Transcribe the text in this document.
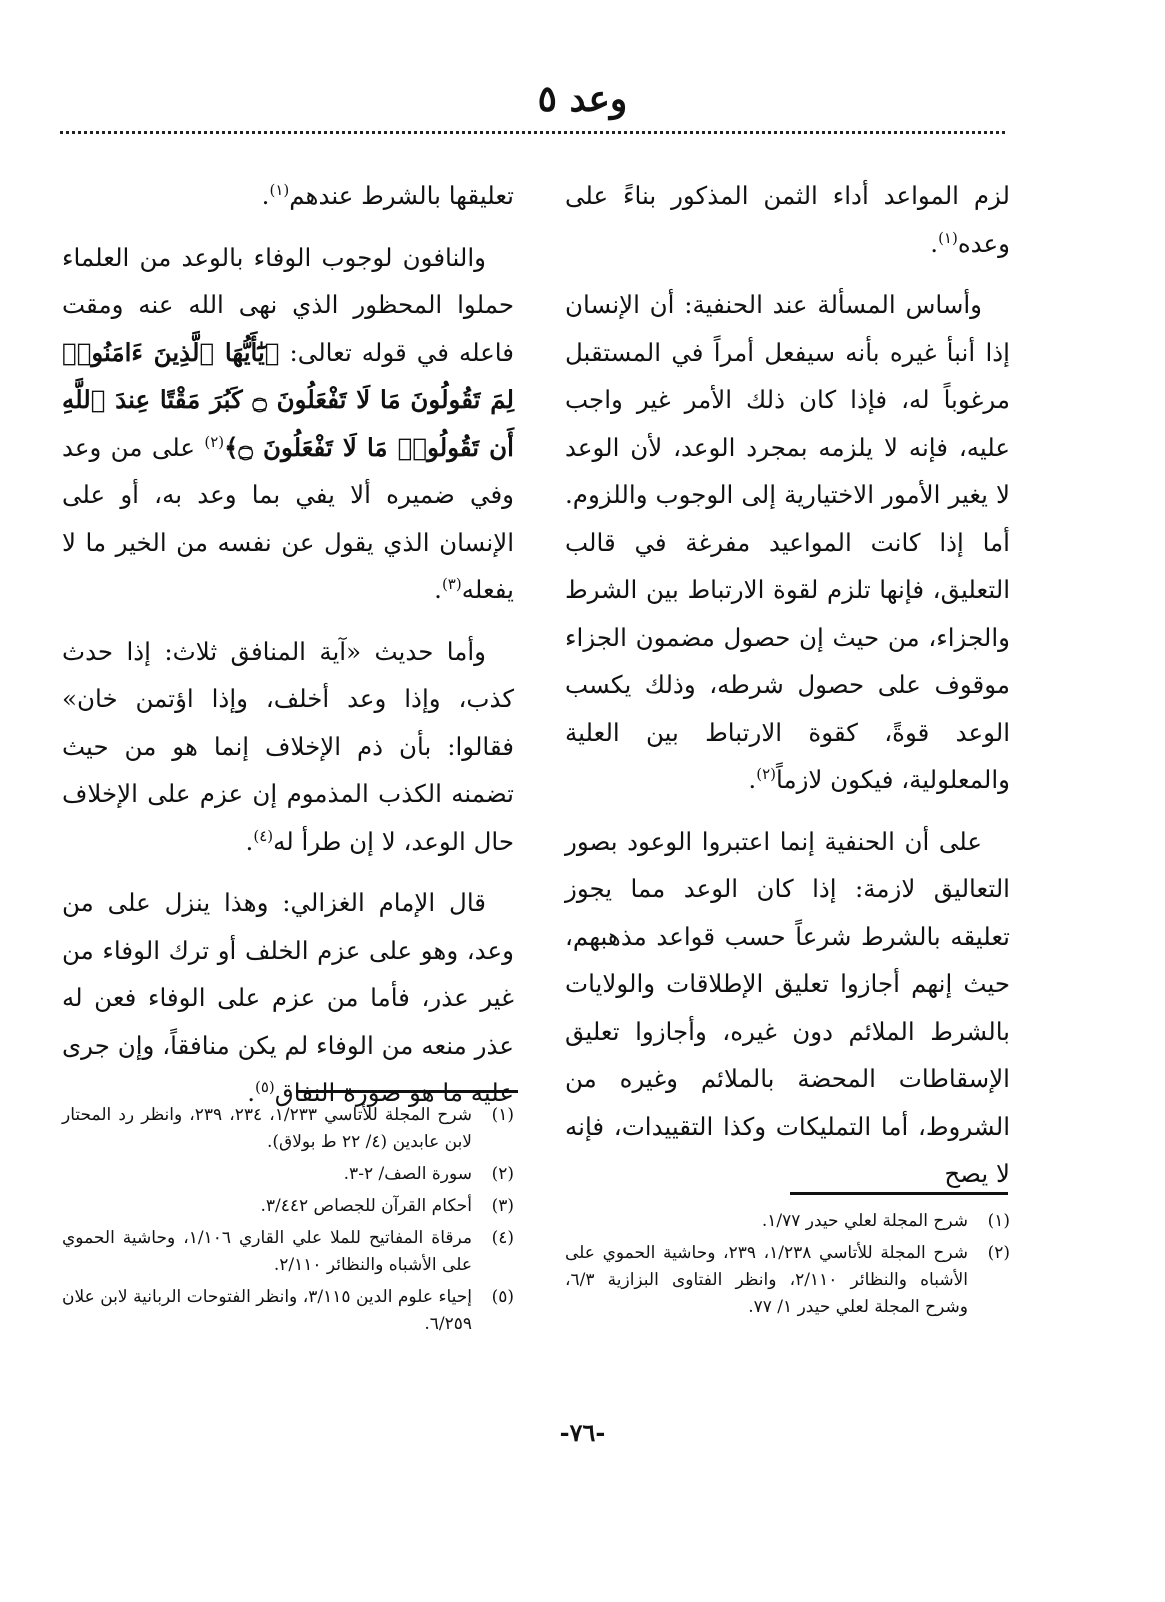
وعد ٥

لزم المواعد أداء الثمن المذكور بناءً على وعده$^{(١)}$.

وأساس المسألة عند الحنفية: أن الإنسان إذا أنبأ غيره بأنه سيفعل أمراً في المستقبل مرغوباً له، فإذا كان ذلك الأمر غير واجب عليه، فإنه لا يلزمه بمجرد الوعد، لأن الوعد لا يغير الأمور الاختيارية إلى الوجوب واللزوم. أما إذا كانت المواعيد مفرغة في قالب التعليق، فإنها تلزم لقوة الارتباط بين الشرط والجزاء، من حيث إن حصول مضمون الجزاء موقوف على حصول شرطه، وذلك يكسب الوعد قوةً، كقوة الارتباط بين العلية والمعلولية، فيكون لازماً$^{(٢)}$.

على أن الحنفية إنما اعتبروا الوعود بصور التعاليق لازمة: إذا كان الوعد مما يجوز تعليقه بالشرط شرعاً حسب قواعد مذهبهم، حيث إنهم أجازوا تعليق الإطلاقات والولايات بالشرط الملائم دون غيره، وأجازوا تعليق الإسقاطات المحضة بالملائم وغيره من الشروط، أما التمليكات وكذا التقييدات، فإنه لا يصح

تعليقها بالشرط عندهم$^{(١)}$.

والنافون لوجوب الوفاء بالوعد من العلماء حملوا المحظور الذي نهى الله عنه ومقت فاعله في قوله تعالى: ﴿يَٰٓأَيُّهَا ٱلَّذِينَ ءَامَنُوا۟ لِمَ تَقُولُونَ مَا لَا تَفْعَلُونَ ۝ كَبُرَ مَقْتًا عِندَ ٱللَّهِ أَن تَقُولُوا۟ مَا لَا تَفْعَلُونَ ۝﴾$^{(٢)}$ على من وعد وفي ضميره ألا يفي بما وعد به، أو على الإنسان الذي يقول عن نفسه من الخير ما لا يفعله$^{(٣)}$.

وأما حديث «آية المنافق ثلاث: إذا حدث كذب، وإذا وعد أخلف، وإذا اؤتمن خان» فقالوا: بأن ذم الإخلاف إنما هو من حيث تضمنه الكذب المذموم إن عزم على الإخلاف حال الوعد، لا إن طرأ له$^{(٤)}$.

قال الإمام الغزالي: وهذا ينزل على من وعد، وهو على عزم الخلف أو ترك الوفاء من غير عذر، فأما من عزم على الوفاء فعن له عذر منعه من الوفاء لم يكن منافقاً، وإن جرى عليه ما هو صورة النفاق$^{(٥)}$.

(١)
شرح المجلة لعلي حيدر ١/٧٧.
(٢)
شرح المجلة للأتاسي ١/٢٣٨، ٢٣٩، وحاشية الحموي على الأشباه والنظائر ٢/١١٠، وانظر الفتاوى البزازية ٦/٣، وشرح المجلة لعلي حيدر ١/ ٧٧.
(١)
شرح المجلة للأتاسي ١/٢٣٣، ٢٣٤، ٢٣٩، وانظر رد المحتار لابن عابدين (٤/ ٢٢ ط بولاق).
(٢)
سورة الصف/ ٢-٣.
(٣)
أحكام القرآن للجصاص ٣/٤٤٢.
(٤)
مرقاة المفاتيح للملا علي القاري ١/١٠٦، وحاشية الحموي على الأشباه والنظائر ٢/١١٠.
(٥)
إحياء علوم الدين ٣/١١٥، وانظر الفتوحات الربانية لابن علان ٦/٢٥٩.
-٧٦-
